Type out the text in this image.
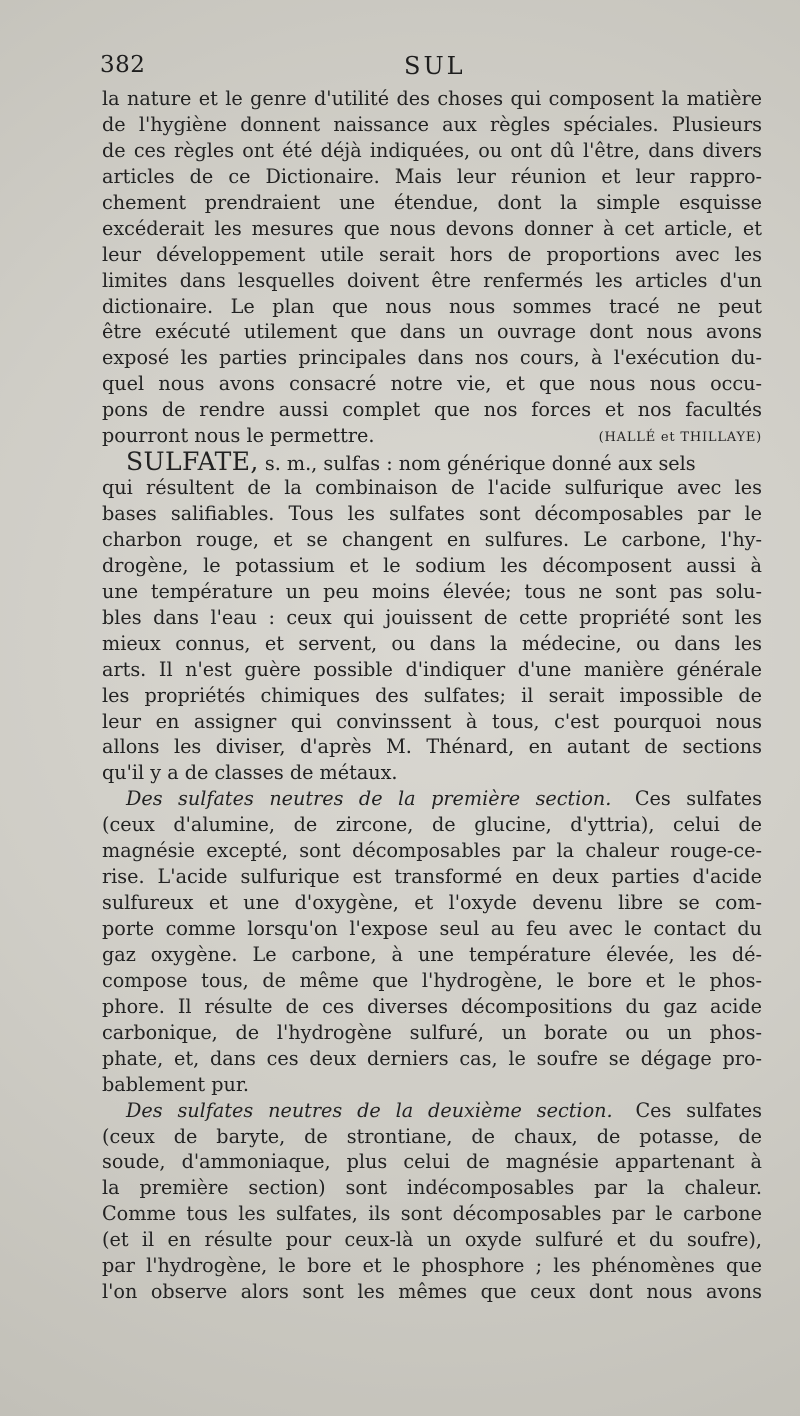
382	SUL
la nature et le genre d'utilité des choses qui composent la matière
de l'hygiène donnent naissance aux règles spéciales. Plusieurs
de ces règles ont été déjà indiquées, ou ont dû l'être, dans divers
articles de ce Dictionaire. Mais leur réunion et leur rappro-
chement prendraient une étendue, dont la simple esquisse
excéderait les mesures que nous devons donner à cet article, et
leur développement utile serait hors de proportions avec les
limites dans lesquelles doivent être renfermés les articles d'un
dictionaire. Le plan que nous nous sommes tracé ne peut
être exécuté utilement que dans un ouvrage dont nous avons
exposé les parties principales dans nos cours, à l'exécution du-
quel nous avons consacré notre vie, et que nous nous occu-
pons de rendre aussi complet que nos forces et nos facultés
pourront nous le permettre.	(HALLÉ et THILLAYE)
SULFATE, s. m., sulfas : nom générique donné aux sels
qui résultent de la combinaison de l'acide sulfurique avec les
bases salifiables. Tous les sulfates sont décomposables par le
charbon rouge, et se changent en sulfures. Le carbone, l'hy-
drogène, le potassium et le sodium les décomposent aussi à
une température un peu moins élevée; tous ne sont pas solu-
bles dans l'eau : ceux qui jouissent de cette propriété sont les
mieux connus, et servent, ou dans la médecine, ou dans les
arts. Il n'est guère possible d'indiquer d'une manière générale
les propriétés chimiques des sulfates; il serait impossible de
leur en assigner qui convinssent à tous, c'est pourquoi nous
allons les diviser, d'après M. Thénard, en autant de sections
qu'il y a de classes de métaux.
Des sulfates neutres de la première section. Ces sulfates
(ceux d'alumine, de zircone, de glucine, d'yttria), celui de
magnésie excepté, sont décomposables par la chaleur rouge-ce-
rise. L'acide sulfurique est transformé en deux parties d'acide
sulfureux et une d'oxygène, et l'oxyde devenu libre se com-
porte comme lorsqu'on l'expose seul au feu avec le contact du
gaz oxygène. Le carbone, à une température élevée, les dé-
compose tous, de même que l'hydrogène, le bore et le phos-
phore. Il résulte de ces diverses décompositions du gaz acide
carbonique, de l'hydrogène sulfuré, un borate ou un phos-
phate, et, dans ces deux derniers cas, le soufre se dégage pro-
bablement pur.
Des sulfates neutres de la deuxième section. Ces sulfates
(ceux de baryte, de strontiane, de chaux, de potasse, de
soude, d'ammoniaque, plus celui de magnésie appartenant à
la première section) sont indécomposables par la chaleur.
Comme tous les sulfates, ils sont décomposables par le carbone
(et il en résulte pour ceux-là un oxyde sulfuré et du soufre),
par l'hydrogène, le bore et le phosphore ; les phénomènes que
l'on observe alors sont les mêmes que ceux dont nous avons
